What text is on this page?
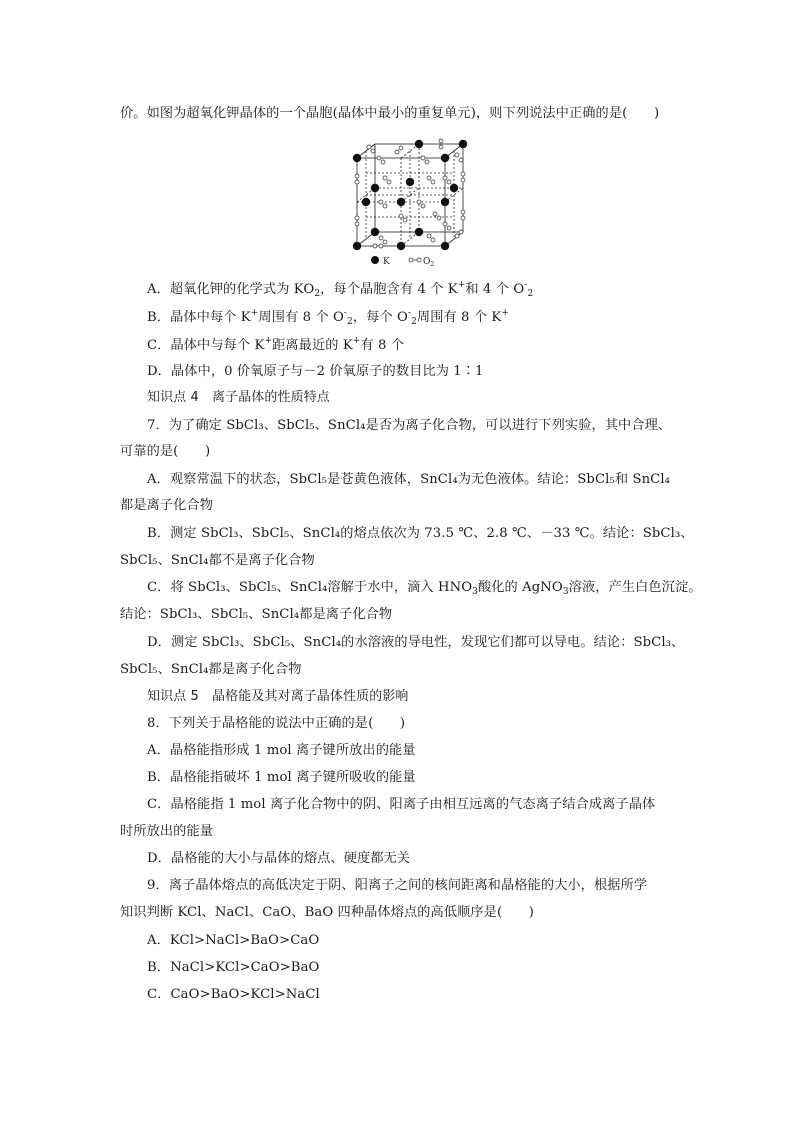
价。如图为超氧化钾晶体的一个晶胞(晶体中最小的重复单元)，则下列说法中正确的是(　　)
K	$O_2$
A．超氧化钾的化学式为 $KO_2$，每个晶胞含有 4 个 K+和 4 个 $O^-_2$
B．晶体中每个 K+周围有 8 个 $O^-_2$，每个 $O^-_2$周围有 8 个 K+
C．晶体中与每个 K+距离最近的 K+有 8 个
D．晶体中，0 价氧原子与－2 价氧原子的数目比为 1∶1
知识点 4　离子晶体的性质特点
7．为了确定 SbCl₃、SbCl₅、SnCl₄是否为离子化合物，可以进行下列实验，其中合理、
可靠的是(　　)
A．观察常温下的状态，SbCl₅是苍黄色液体，SnCl₄为无色液体。结论：SbCl₅和 SnCl₄
都是离子化合物
B．测定 SbCl₃、SbCl₅、SnCl₄的熔点依次为 73.5 ℃、2.8 ℃、－33 ℃。结论：SbCl₃、
SbCl₅、SnCl₄都不是离子化合物
C．将 SbCl₃、SbCl₅、SnCl₄溶解于水中，滴入 $HNO_3$酸化的 AgNO$_3$溶液，产生白色沉淀。
结论：SbCl₃、SbCl₅、SnCl₄都是离子化合物
D．测定 SbCl₃、SbCl₅、SnCl₄的水溶液的导电性，发现它们都可以导电。结论：SbCl₃、
SbCl₅、SnCl₄都是离子化合物
知识点 5　晶格能及其对离子晶体性质的影响
8．下列关于晶格能的说法中正确的是(　　)
A．晶格能指形成 1 mol 离子键所放出的能量
B．晶格能指破坏 1 mol 离子键所吸收的能量
C．晶格能指 1 mol 离子化合物中的阴、阳离子由相互远离的气态离子结合成离子晶体
时所放出的能量
D．晶格能的大小与晶体的熔点、硬度都无关
9．离子晶体熔点的高低决定于阴、阳离子之间的核间距离和晶格能的大小，根据所学
知识判断 KCl、NaCl、CaO、BaO 四种晶体熔点的高低顺序是(　　)
A．KCl>NaCl>BaO>CaO
B．NaCl>KCl>CaO>BaO
C．CaO>BaO>KCl>NaCl
